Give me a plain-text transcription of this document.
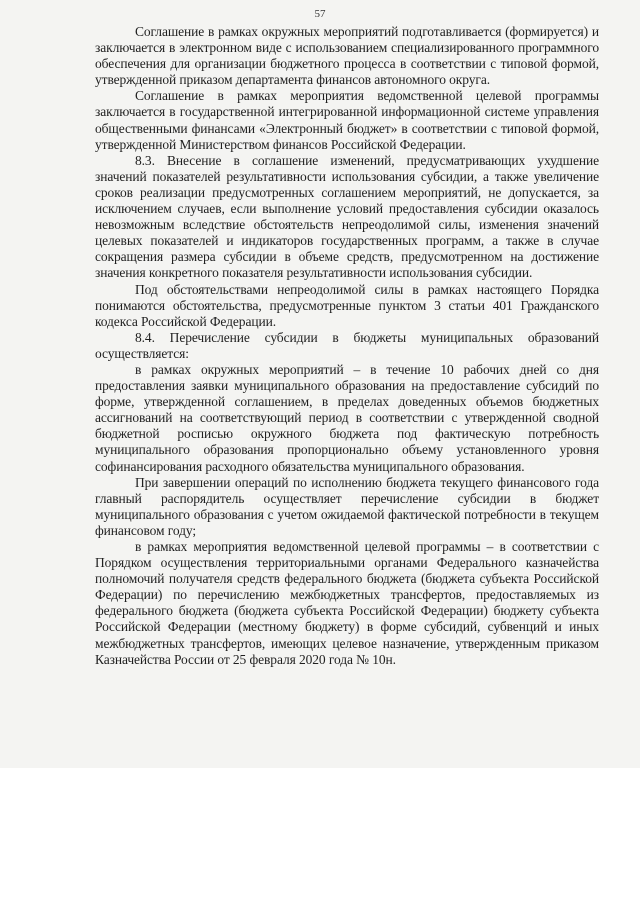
57

Соглашение в рамках окружных мероприятий подготавливается (формируется) и заключается в электронном виде с использованием специализированного программного обеспечения для организации бюджетного процесса в соответствии с типовой формой, утвержденной приказом департамента финансов автономного округа.

Соглашение в рамках мероприятия ведомственной целевой программы заключается в государственной интегрированной информационной системе управления общественными финансами «Электронный бюджет» в соответствии с типовой формой, утвержденной Министерством финансов Российской Федерации.

8.3. Внесение в соглашение изменений, предусматривающих ухудшение значений показателей результативности использования субсидии, а также увеличение сроков реализации предусмотренных соглашением мероприятий, не допускается, за исключением случаев, если выполнение условий предоставления субсидии оказалось невозможным вследствие обстоятельств непреодолимой силы, изменения значений целевых показателей и индикаторов государственных программ, а также в случае сокращения размера субсидии в объеме средств, предусмотренном на достижение значения конкретного показателя результативности использования субсидии.

Под обстоятельствами непреодолимой силы в рамках настоящего Порядка понимаются обстоятельства, предусмотренные пунктом 3 статьи 401 Гражданского кодекса Российской Федерации.

8.4. Перечисление субсидии в бюджеты муниципальных образований осуществляется:

в рамках окружных мероприятий – в течение 10 рабочих дней со дня предоставления заявки муниципального образования на предоставление субсидий по форме, утвержденной соглашением, в пределах доведенных объемов бюджетных ассигнований на соответствующий период в соответствии с утвержденной сводной бюджетной росписью окружного бюджета под фактическую потребность муниципального образования пропорционально объему установленного уровня софинансирования расходного обязательства муниципального образования.

При завершении операций по исполнению бюджета текущего финансового года главный распорядитель осуществляет перечисление субсидии в бюджет муниципального образования с учетом ожидаемой фактической потребности в текущем финансовом году;

в рамках мероприятия ведомственной целевой программы – в соответствии с Порядком осуществления территориальными органами Федерального казначейства полномочий получателя средств федерального бюджета (бюджета субъекта Российской Федерации) по перечислению межбюджетных трансфертов, предоставляемых из федерального бюджета (бюджета субъекта Российской Федерации) бюджету субъекта Российской Федерации (местному бюджету) в форме субсидий, субвенций и иных межбюджетных трансфертов, имеющих целевое назначение, утвержденным приказом Казначейства России от 25 февраля 2020 года № 10н.
